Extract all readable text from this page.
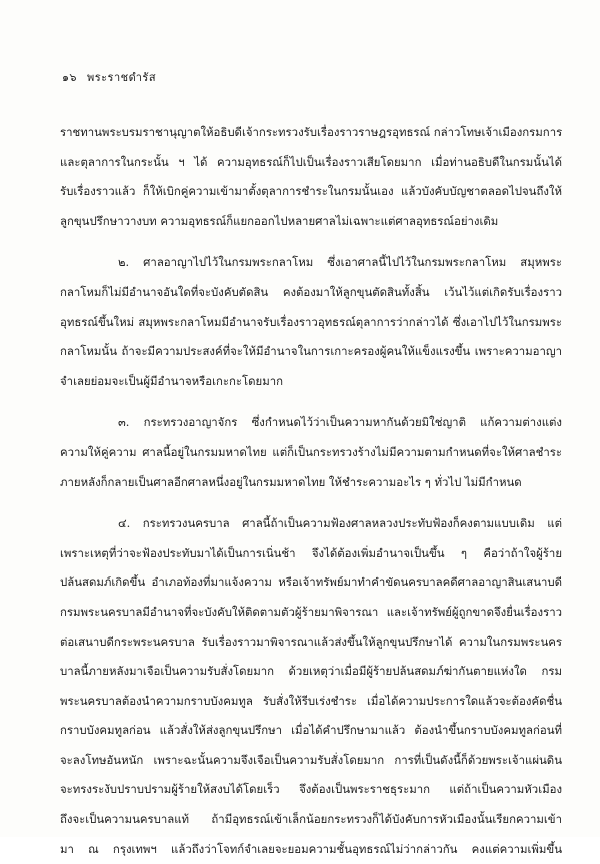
๑๖ พระราชดำรัส
ราชทานพระบรมราชานุญาตให้อธิบดีเจ้ากระทรวงรับเรื่องราวราษฎรอุทธรณ์ กล่าวโทษเจ้าเมืองกรมการ
และตุลาการในกระนั้น ฯ ได้ ความอุทธรณ์ก็ไปเป็นเรื่องราวเสียโดยมาก เมื่อท่านอธิบดีในกรมนั้นได้
รับเรื่องราวแล้ว ก็ให้เบิกคู่ความเข้ามาตั้งตุลาการชำระในกรมนั้นเอง แล้วบังคับบัญชาตลอดไปจนถึงให้
ลูกขุนปรึกษาวางบท ความอุทธรณ์ก็แยกออกไปหลายศาลไม่เฉพาะแต่ศาลอุทธรณ์อย่างเดิม
๒. ศาลอาญาไปไว้ในกรมพระกลาโหม ซึ่งเอาศาลนี้ไปไว้ในกรมพระกลาโหม สมุหพระ
กลาโหมก็ไม่มีอำนาจอันใดที่จะบังคับตัดสิน คงต้องมาให้ลูกขุนตัดสินทั้งสิ้น เว้นไว้แต่เกิดรับเรื่องราว
อุทธรณ์ขึ้นใหม่ สมุหพระกลาโหมมีอำนาจรับเรื่องราวอุทธรณ์ตุลาการว่ากล่าวได้ ซึ่งเอาไปไว้ในกรมพระ
กลาโหมนั้น ถ้าจะมีความประสงค์ที่จะให้มีอำนาจในการเกาะครองผู้คนให้แข็งแรงขึ้น เพราะความอาญา
จำเลยย่อมจะเป็นผู้มีอำนาจหรือเกะกะโดยมาก
๓. กระทรวงอาญาจักร ซึ่งกำหนดไว้ว่าเป็นความหากันด้วยมิใช่ญาติ แก้ความต่างแต่ง
ความให้คู่ความ ศาลนี้อยู่ในกรมมหาดไทย แต่ก็เป็นกระทรวงร้างไม่มีความตามกำหนดที่จะให้ศาลชำระ
ภายหลังก็กลายเป็นศาลอีกศาลหนึ่งอยู่ในกรมมหาดไทย ให้ชำระความอะไร ๆ ทั่วไป ไม่มีกำหนด
๔. กระทรวงนครบาล ศาลนี้ถ้าเป็นความฟ้องศาลหลวงประทับฟ้องก็คงตามแบบเดิม แต่
เพราะเหตุที่ว่าจะฟ้องประทับมาได้เป็นการเนิ่นช้า จึงได้ต้องเพิ่มอำนาจเป็นขึ้น ๆ คือว่าถ้าใจผู้ร้าย
ปล้นสดมภ์เกิดขึ้น อำเภอท้องที่มาแจ้งความ หรือเจ้าทรัพย์มาทำคำขัดนครบาลคดีศาลอาญาสินเสนาบดี
กรมพระนครบาลมีอำนาจที่จะบังคับให้ติดตามตัวผู้ร้ายมาพิจารณา และเจ้าทรัพย์ผู้ถูกขาดจึงยื่นเรื่องราว
ต่อเสนาบดีกระพระนครบาล รับเรื่องราวมาพิจารณาแล้วส่งขึ้นให้ลูกขุนปรึกษาได้ ความในกรมพระนคร
บาลนี้ภายหลังมาเจือเป็นความรับสั่งโดยมาก ด้วยเหตุว่าเมื่อมีผู้ร้ายปล้นสดมภ์ฆ่ากันตายแห่งใด กรม
พระนครบาลต้องนำความกราบบังคมทูล รับสั่งให้รีบเร่งชำระ เมื่อได้ความประการใดแล้วจะต้องคัดชื่น
กราบบังคมทูลก่อน แล้วสั่งให้ส่งลูกขุนปรึกษา เมื่อได้คำปรึกษามาแล้ว ต้องนำขึ้นกราบบังคมทูลก่อนที่
จะลงโทษอันหนัก เพราะฉะนั้นความจึงเจือเป็นความรับสั่งโดยมาก การที่เป็นดังนี้ก็ด้วยพระเจ้าแผ่นดิน
จะทรงระงับปราบปรามผู้ร้ายให้สงบได้โดยเร็ว จึงต้องเป็นพระราชธุระมาก แต่ถ้าเป็นความหัวเมือง
ถึงจะเป็นความนครบาลแท้ ถ้ามีอุทธรณ์เข้าเล็กน้อยกระทรวงก็ได้บังคับการหัวเมืองนั้นเรียกความเข้า
มา ณ กรุงเทพฯ แล้วถึงว่าโจทก์จำเลยจะยอมความชั้นอุทธรณ์ไม่ว่ากล่าวกัน คงแต่ความเพิ่มขึ้น
